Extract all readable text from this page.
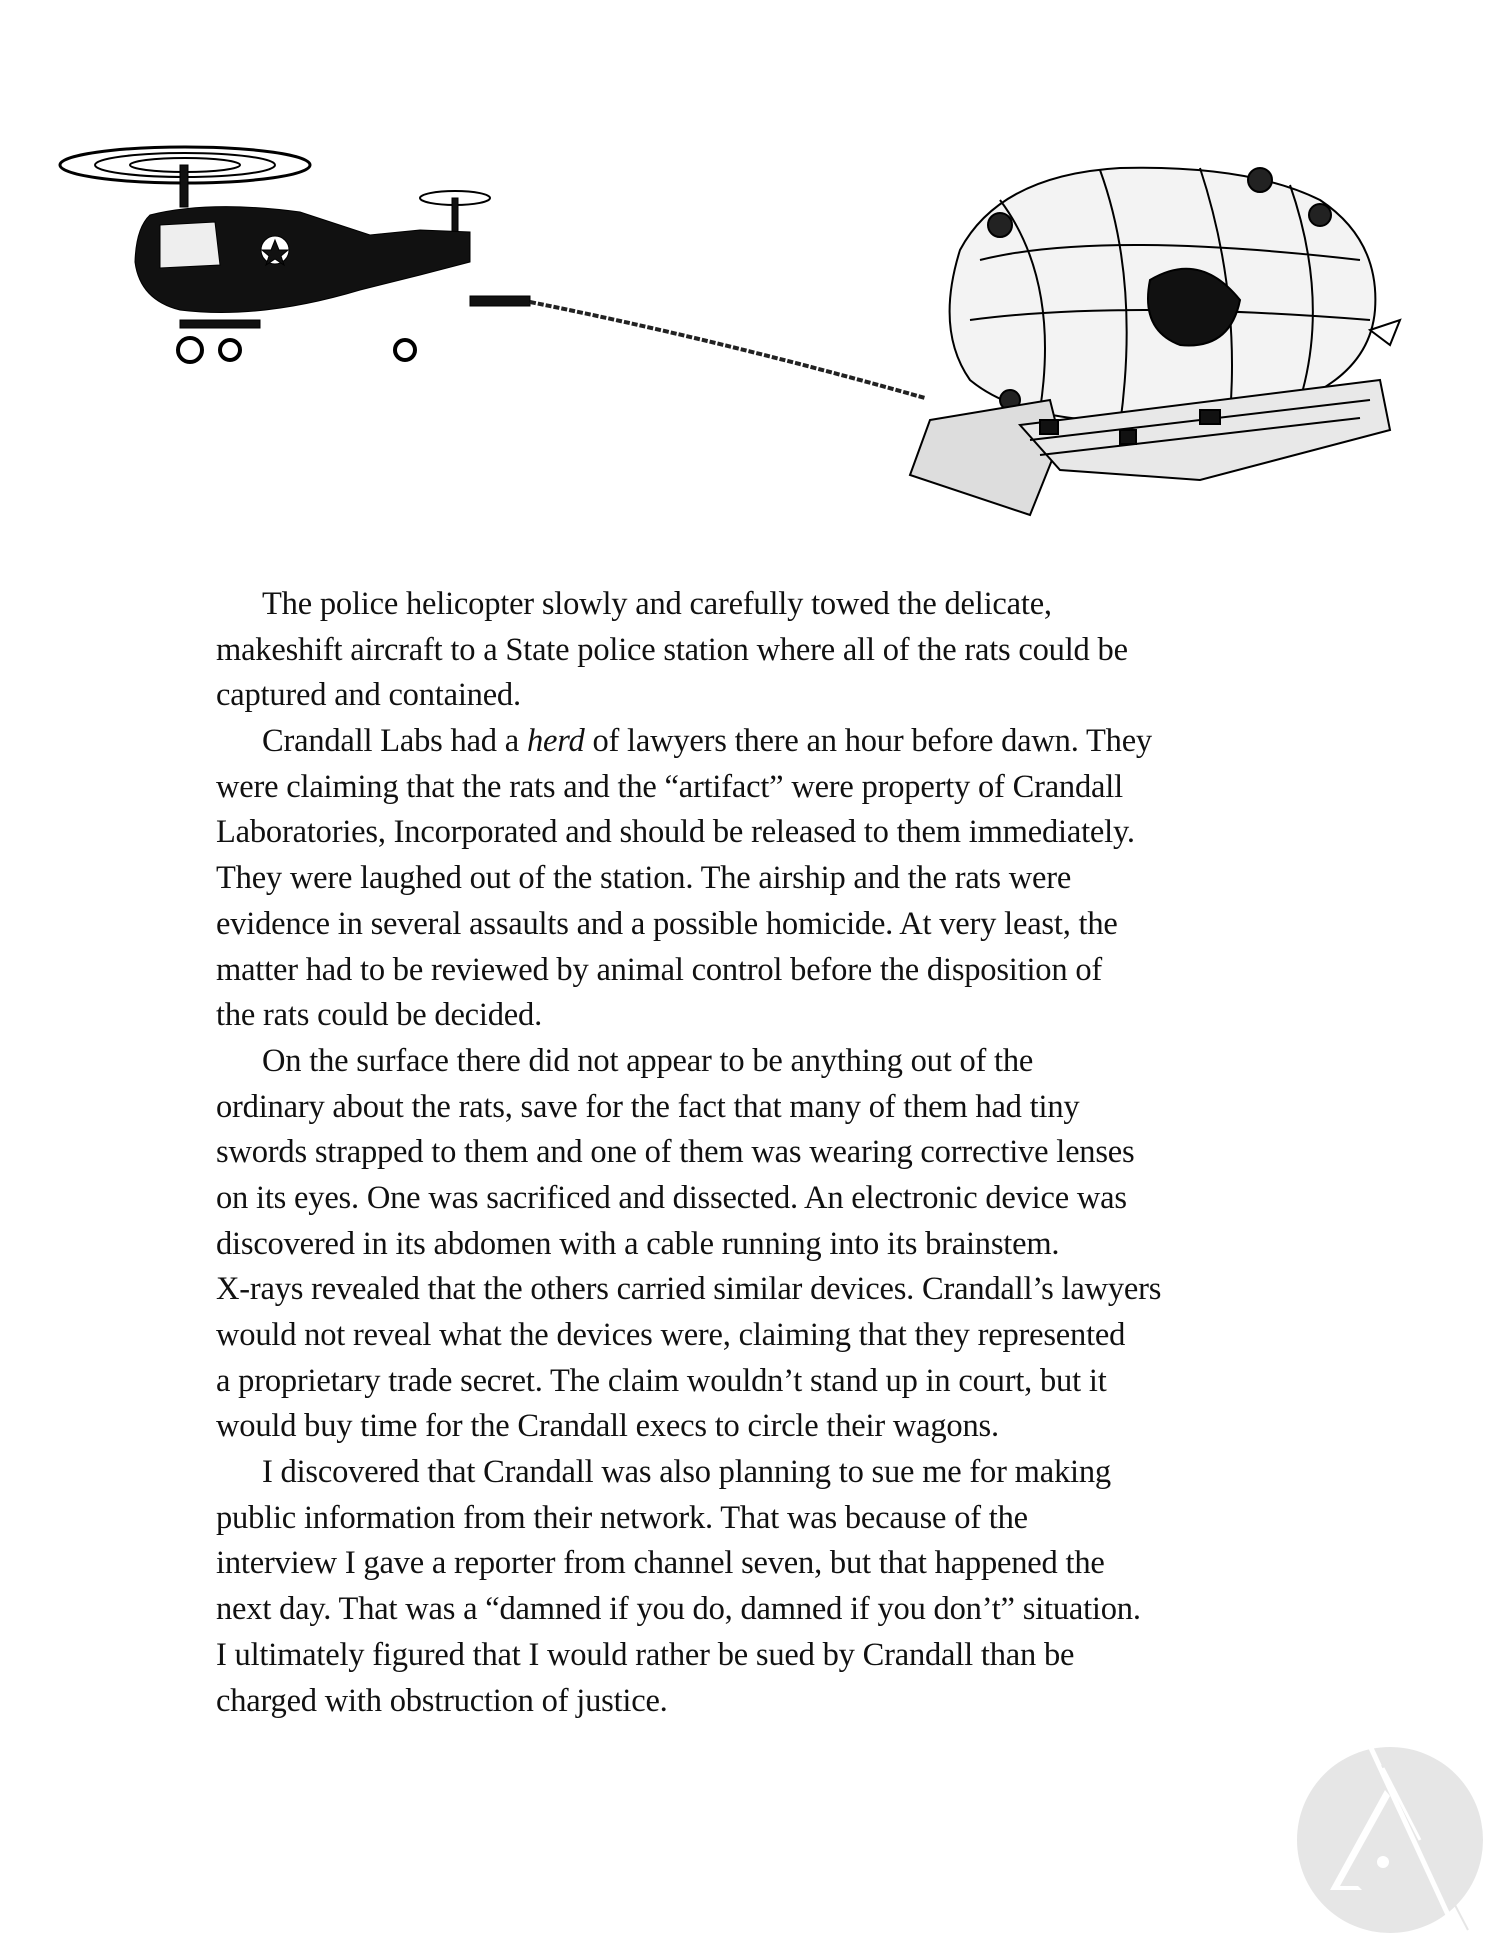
The police helicopter slowly and carefully towed the delicate,
makeshift aircraft to a State police station where all of the rats could be
captured and contained.
Crandall Labs had a herd of lawyers there an hour before dawn. They
were claiming that the rats and the “artifact” were property of Crandall
Laboratories, Incorporated and should be released to them immediately.
They were laughed out of the station. The airship and the rats were
evidence in several assaults and a possible homicide. At very least, the
matter had to be reviewed by animal control before the disposition of
the rats could be decided.
On the surface there did not appear to be anything out of the
ordinary about the rats, save for the fact that many of them had tiny
swords strapped to them and one of them was wearing corrective lenses
on its eyes. One was sacrificed and dissected. An electronic device was
discovered in its abdomen with a cable running into its brainstem.
X-rays revealed that the others carried similar devices. Crandall’s lawyers
would not reveal what the devices were, claiming that they represented
a proprietary trade secret. The claim wouldn’t stand up in court, but it
would buy time for the Crandall execs to circle their wagons.
I discovered that Crandall was also planning to sue me for making
public information from their network. That was because of the
interview I gave a reporter from channel seven, but that happened the
next day. That was a “damned if you do, damned if you don’t” situation.
I ultimately figured that I would rather be sued by Crandall than be
charged with obstruction of justice.
